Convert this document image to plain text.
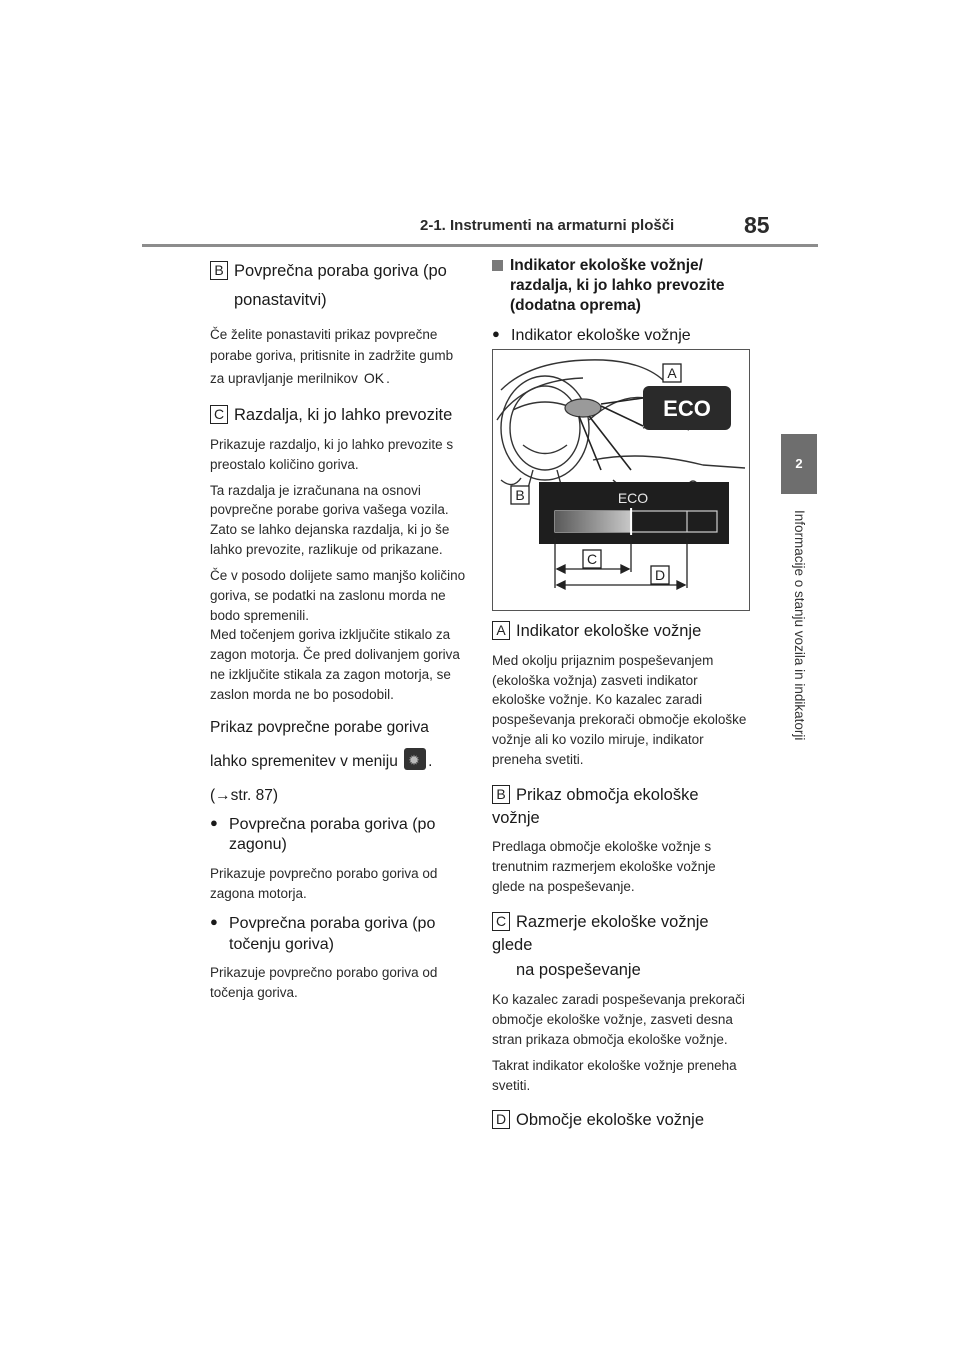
2-1. Instrumenti na armaturni plošči	85
2
Informacije o stanju vozila in indikatorji
B Povprečna poraba goriva (po
ponastavitvi)
Če želite ponastaviti prikaz povprečne porabe goriva, pritisnite in zadržite gumb za upravljanje merilnikov OK .
C Razdalja, ki jo lahko prevozite
Prikazuje razdaljo, ki jo lahko prevozite s preostalo količino goriva.
Ta razdalja je izračunana na osnovi povprečne porabe goriva vašega vozila. Zato se lahko dejanska razdalja, ki jo še lahko prevozite, razlikuje od prikazane.
Če v posodo dolijete samo manjšo količino goriva, se podatki na zaslonu morda ne bodo spremenili.
Med točenjem goriva izključite stikalo za zagon motorja. Če pred dolivanjem goriva ne izključite stikala za zagon motorja, se zaslon morda ne bo posodobil.
Prikaz povprečne porabe goriva
lahko spremenitev v meniju ✹ .
(→str. 87)
● Povprečna poraba goriva (po zagonu)
Prikazuje povprečno porabo goriva od zagona motorja.
● Povprečna poraba goriva (po točenju goriva)
Prikazuje povprečno porabo goriva od točenja goriva.
Indikator ekološke vožnje/ razdalja, ki jo lahko prevozite (dodatna oprema)
● Indikator ekološke vožnje
A
ECO
B	ECO
C
D
A Indikator ekološke vožnje
Med okolju prijaznim pospeševanjem (ekološka vožnja) zasveti indikator ekološke vožnje. Ko kazalec zaradi pospeševanja prekorači območje ekološke vožnje ali ko vozilo miruje, indikator preneha svetiti.
B Prikaz območja ekološke vožnje
Predlaga območje ekološke vožnje s trenutnim razmerjem ekološke vožnje glede na pospeševanje.
C Razmerje ekološke vožnje glede
na pospeševanje
Ko kazalec zaradi pospeševanja prekorači območje ekološke vožnje, zasveti desna stran prikaza območja ekološke vožnje.
Takrat indikator ekološke vožnje preneha svetiti.
D Območje ekološke vožnje
